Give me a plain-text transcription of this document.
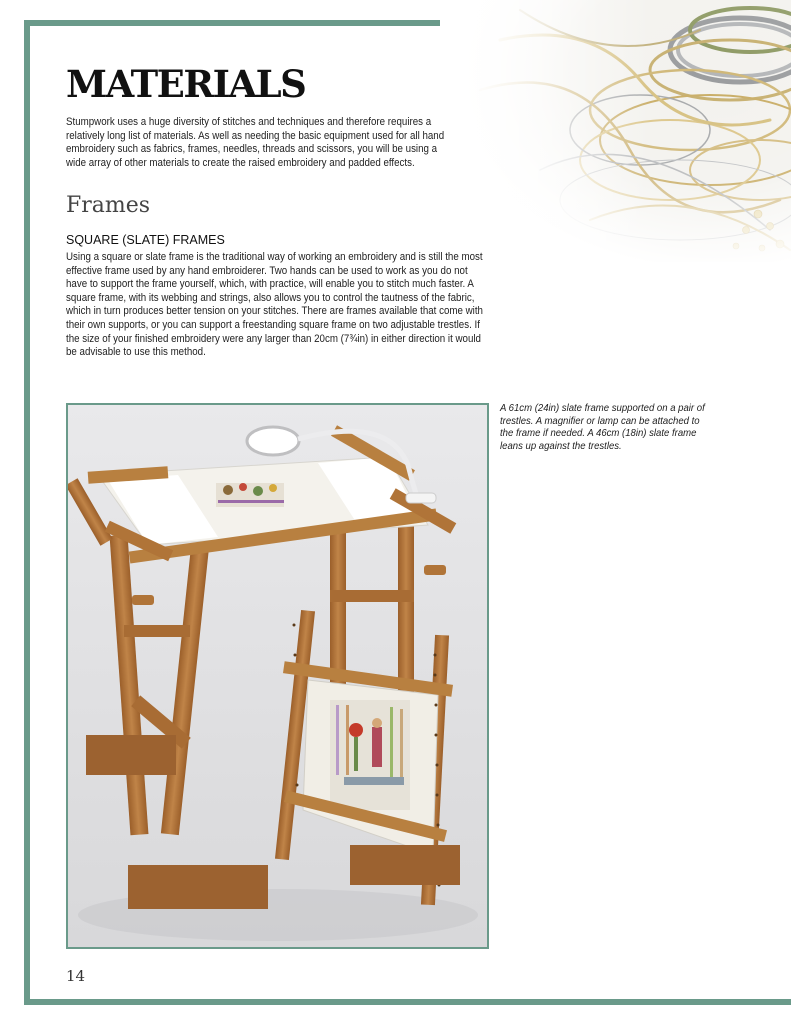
MATERIALS

Stumpwork uses a huge diversity of stitches and techniques and therefore requires a relatively long list of materials. As well as needing the basic equipment used for all hand embroidery such as fabrics, frames, needles, threads and scissors, you will be using a wide array of other materials to create the raised embroidery and padded effects.

Frames
SQUARE (SLATE) FRAMES

Using a square or slate frame is the traditional way of working an embroidery and is still the most effective frame used by any hand embroiderer. Two hands can be used to work as you do not have to support the frame yourself, which, with practice, will enable you to stitch much faster. A square frame, with its webbing and strings, also allows you to control the tautness of the fabric, which in turn produces better tension on your stitches. There are frames available that come with their own supports, or you can support a freestanding square frame on two adjustable trestles. If the size of your finished embroidery were any larger than 20cm (7¾in) in either direction it would be advisable to use this method.

A 61cm (24in) slate frame supported on a pair of trestles. A magnifier or lamp can be attached to the frame if needed. A 46cm (18in) slate frame leans up against the trestles.

14
